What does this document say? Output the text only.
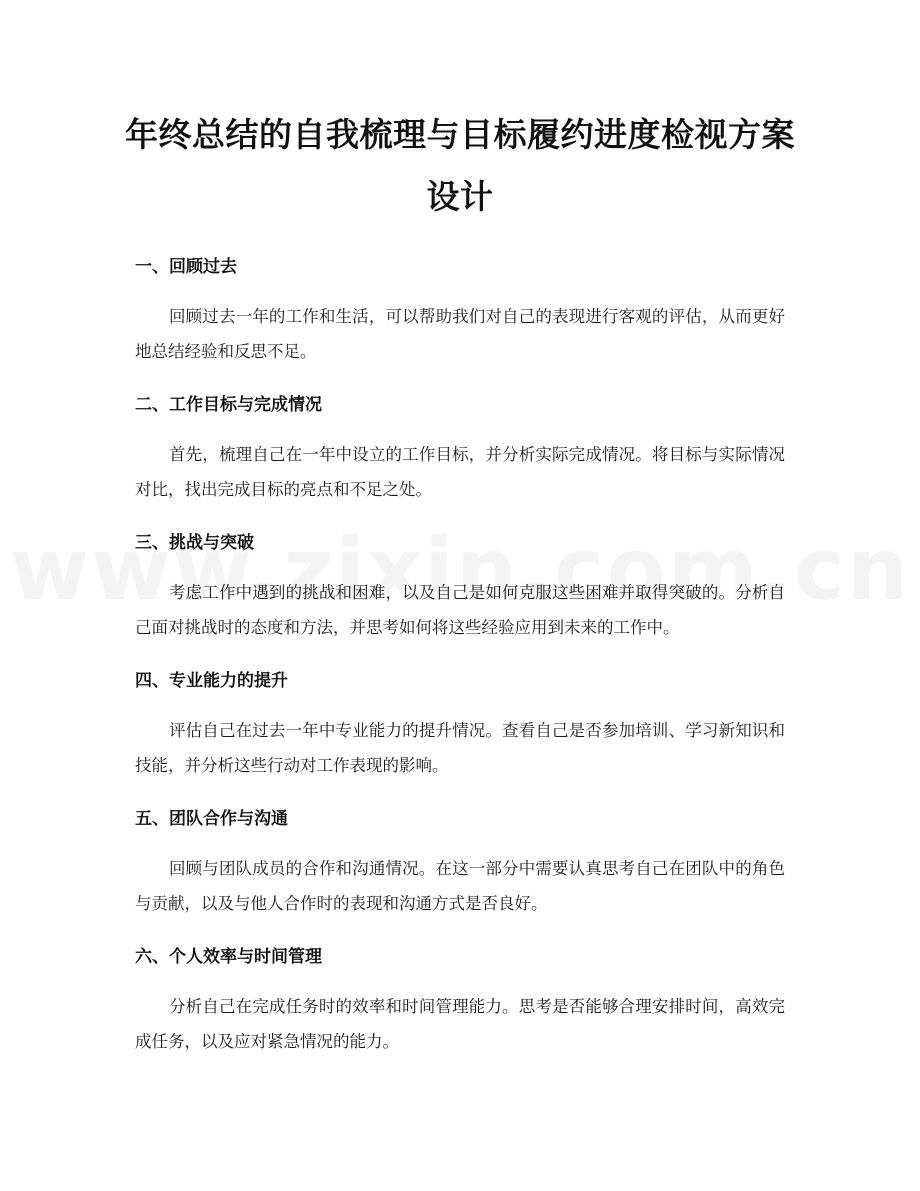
年终总结的自我梳理与目标履约进度检视方案设计
一、回顾过去

回顾过去一年的工作和生活，可以帮助我们对自己的表现进行客观的评估，从而更好地总结经验和反思不足。

二、工作目标与完成情况

首先，梳理自己在一年中设立的工作目标，并分析实际完成情况。将目标与实际情况对比，找出完成目标的亮点和不足之处。

三、挑战与突破

考虑工作中遇到的挑战和困难，以及自己是如何克服这些困难并取得突破的。分析自己面对挑战时的态度和方法，并思考如何将这些经验应用到未来的工作中。

四、专业能力的提升

评估自己在过去一年中专业能力的提升情况。查看自己是否参加培训、学习新知识和技能，并分析这些行动对工作表现的影响。

五、团队合作与沟通

回顾与团队成员的合作和沟通情况。在这一部分中需要认真思考自己在团队中的角色与贡献，以及与他人合作时的表现和沟通方式是否良好。

六、个人效率与时间管理

分析自己在完成任务时的效率和时间管理能力。思考是否能够合理安排时间，高效完成任务，以及应对紧急情况的能力。
